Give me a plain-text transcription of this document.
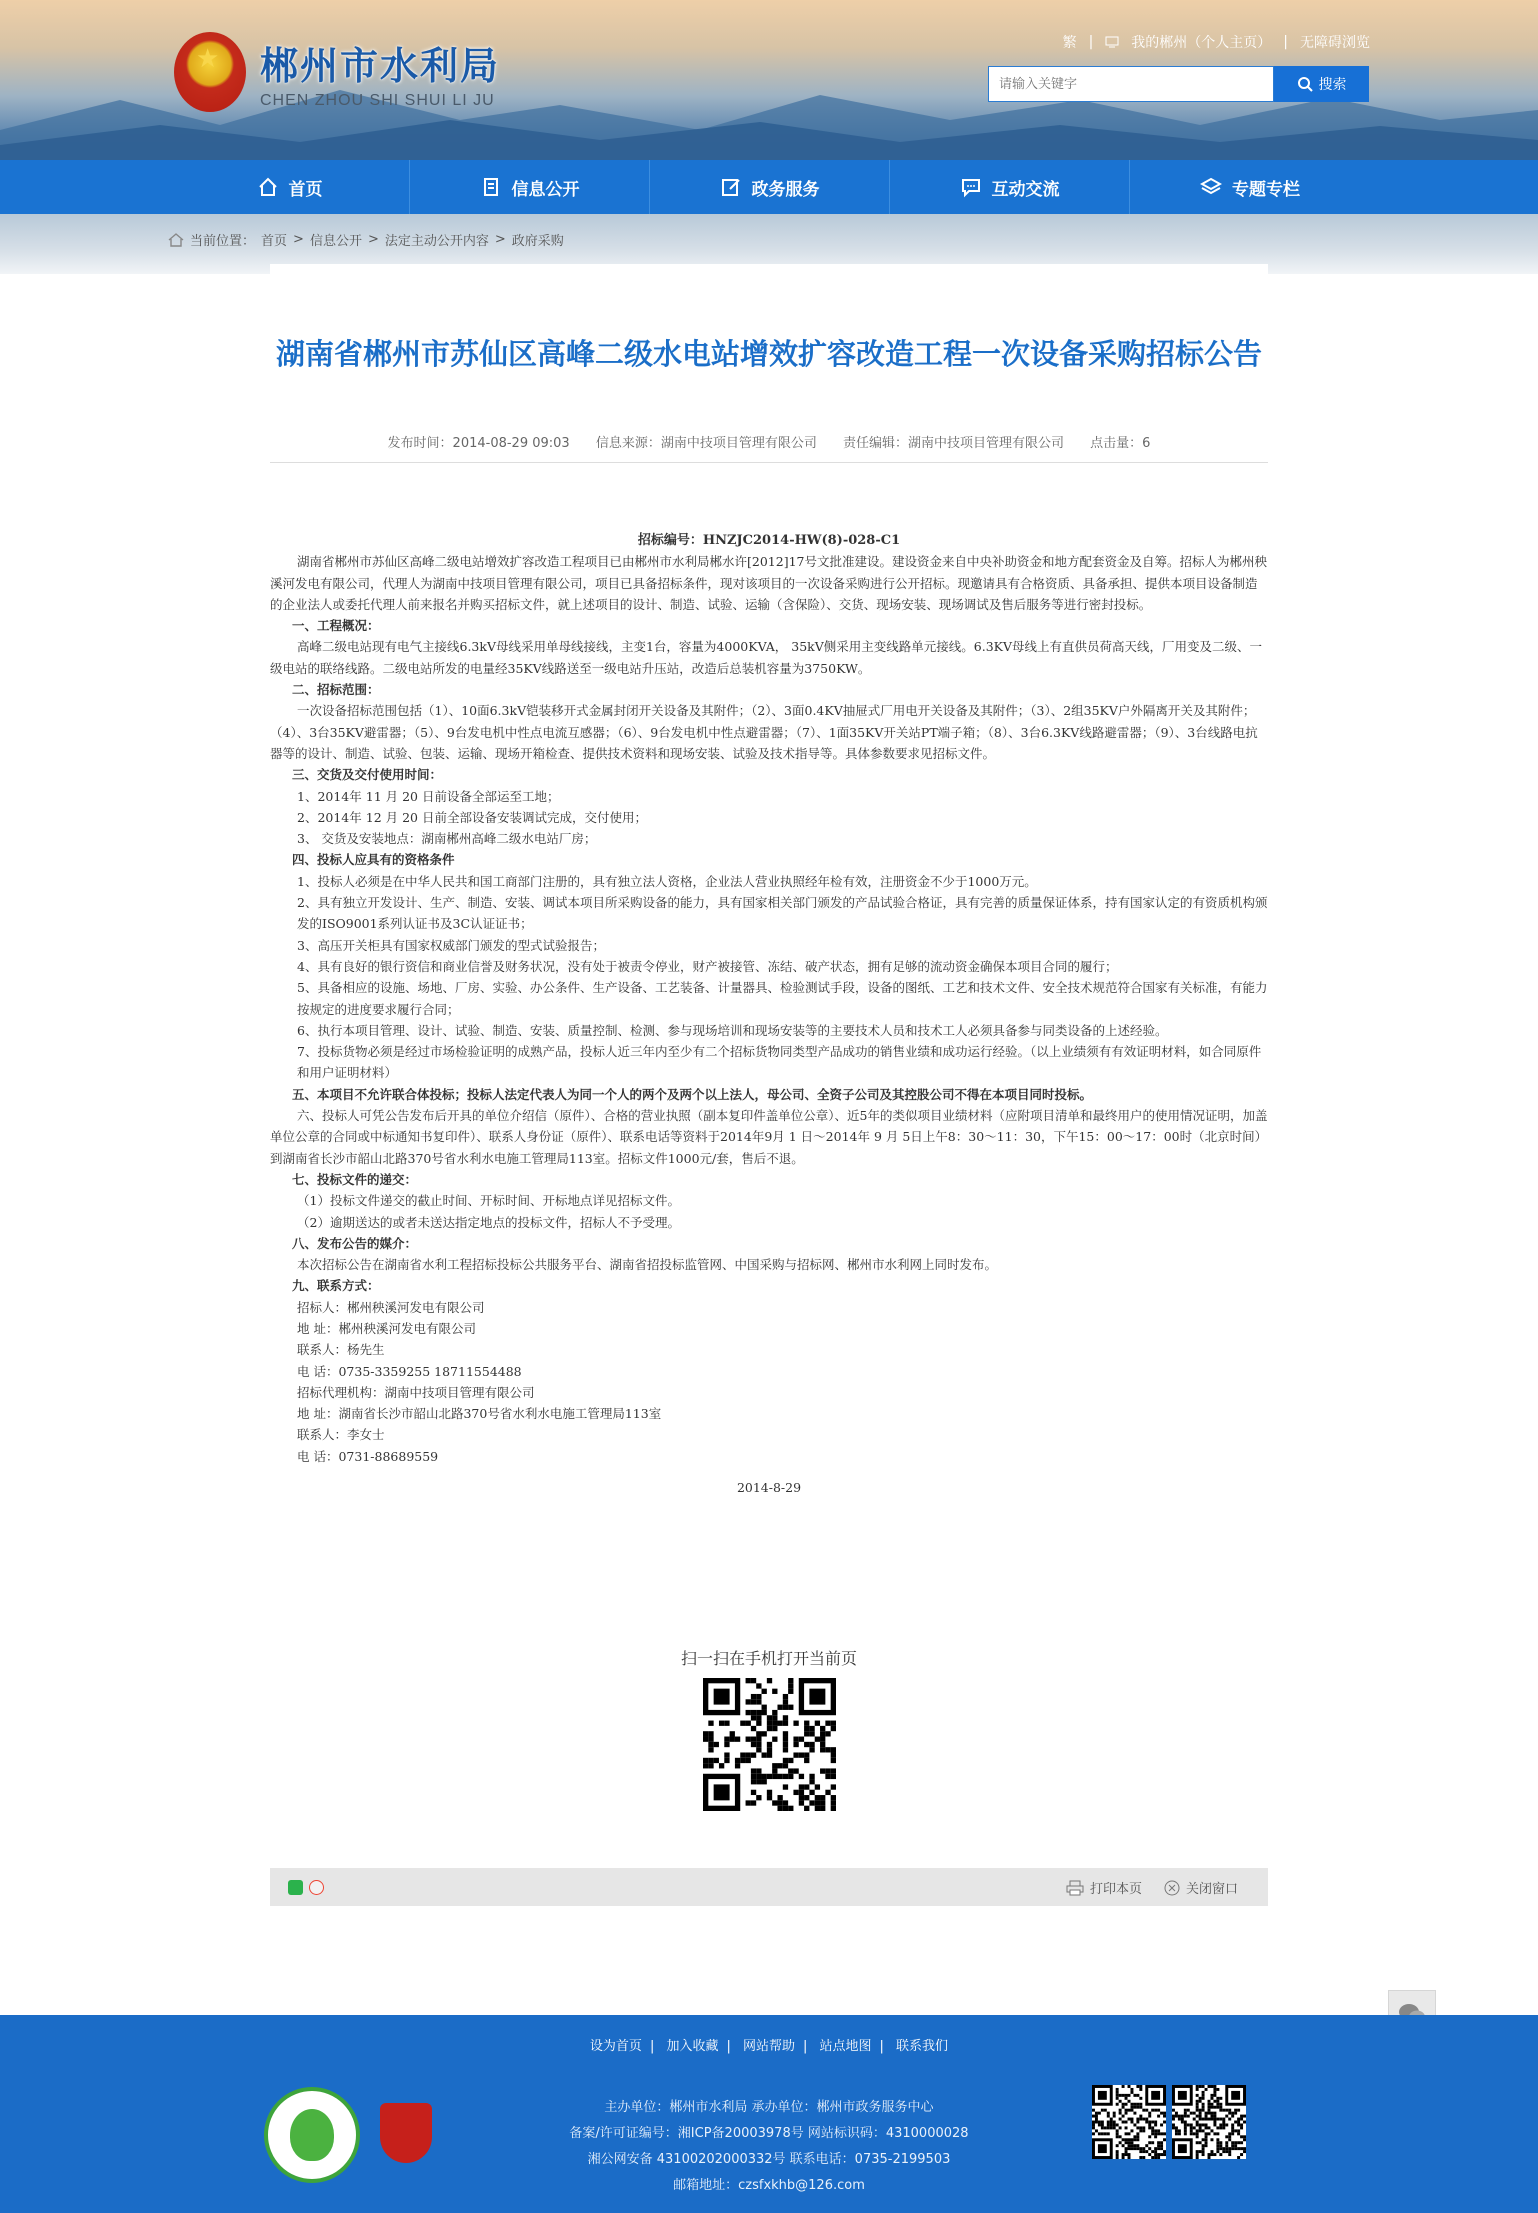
★
郴州市水利局
CHEN ZHOU SHI SHUI LI JU
繁 |	我的郴州（个人主页） | 无障碍浏览
请输入关键字
搜索
首页	信息公开	政务服务	互动交流	专题专栏
当前位置： 首页 > 信息公开 > 法定主动公开内容 > 政府采购
湖南省郴州市苏仙区高峰二级水电站增效扩容改造工程一次设备采购招标公告
发布时间：2014-08-29 09:03 信息来源：湖南中技项目管理有限公司 责任编辑：湖南中技项目管理有限公司 点击量：6

招标编号：HNZJC2014-HW(8)-028-C1

湖南省郴州市苏仙区高峰二级电站增效扩容改造工程项目已由郴州市水利局郴水许[2012]17号文批准建设。建设资金来自中央补助资金和地方配套资金及自筹。招标人为郴州秧溪河发电有限公司，代理人为湖南中技项目管理有限公司，项目已具备招标条件，现对该项目的一次设备采购进行公开招标。现邀请具有合格资质、具备承担、提供本项目设备制造的企业法人或委托代理人前来报名并购买招标文件，就上述项目的设计、制造、试验、运输（含保险）、交货、现场安装、现场调试及售后服务等进行密封投标。

一、工程概况：

高峰二级电站现有电气主接线6.3kV母线采用单母线接线，主变1台，容量为4000KVA， 35kV侧采用主变线路单元接线。6.3KV母线上有直供员荷高天线，厂用变及二级、一级电站的联络线路。二级电站所发的电量经35KV线路送至一级电站升压站，改造后总装机容量为3750KW。

二、招标范围：

一次设备招标范围包括（1）、10面6.3kV铠装移开式金属封闭开关设备及其附件；（2）、3面0.4KV抽屉式厂用电开关设备及其附件；（3）、2组35KV户外隔离开关及其附件；（4）、3台35KV避雷器；（5）、9台发电机中性点电流互感器；（6）、9台发电机中性点避雷器；（7）、1面35KV开关站PT端子箱；（8）、3台6.3KV线路避雷器；（9）、3台线路电抗器等的设计、制造、试验、包装、运输、现场开箱检查、提供技术资料和现场安装、试验及技术指导等。具体参数要求见招标文件。

三、交货及交付使用时间：

1、2014年 11 月 20 日前设备全部运至工地；

2、2014年 12 月 20 日前全部设备安装调试完成，交付使用；

3、 交货及安装地点：湖南郴州高峰二级水电站厂房；

四、投标人应具有的资格条件

1、投标人必须是在中华人民共和国工商部门注册的，具有独立法人资格，企业法人营业执照经年检有效，注册资金不少于1000万元。

2、具有独立开发设计、生产、制造、安装、调试本项目所采购设备的能力，具有国家相关部门颁发的产品试验合格证，具有完善的质量保证体系，持有国家认定的有资质机构颁发的ISO9001系列认证书及3C认证证书；

3、高压开关柜具有国家权威部门颁发的型式试验报告；

4、具有良好的银行资信和商业信誉及财务状况，没有处于被责令停业，财产被接管、冻结、破产状态，拥有足够的流动资金确保本项目合同的履行；

5、具备相应的设施、场地、厂房、实验、办公条件、生产设备、工艺装备、计量器具、检验测试手段，设备的图纸、工艺和技术文件、安全技术规范符合国家有关标准，有能力按规定的进度要求履行合同；

6、执行本项目管理、设计、试验、制造、安装、质量控制、检测、参与现场培训和现场安装等的主要技术人员和技术工人必须具备参与同类设备的上述经验。

7、投标货物必须是经过市场检验证明的成熟产品，投标人近三年内至少有二个招标货物同类型产品成功的销售业绩和成功运行经验。（以上业绩须有有效证明材料，如合同原件和用户证明材料）

五、本项目不允许联合体投标；投标人法定代表人为同一个人的两个及两个以上法人，母公司、全资子公司及其控股公司不得在本项目同时投标。

六、投标人可凭公告发布后开具的单位介绍信（原件）、合格的营业执照（副本复印件盖单位公章）、近5年的类似项目业绩材料（应附项目清单和最终用户的使用情况证明，加盖单位公章的合同或中标通知书复印件）、联系人身份证（原件）、联系电话等资料于2014年9月 1 日～2014年 9 月 5日上午8：30～11：30，下午15：00～17：00时（北京时间）到湖南省长沙市韶山北路370号省水利水电施工管理局113室。招标文件1000元/套，售后不退。

七、投标文件的递交：

（1）投标文件递交的截止时间、开标时间、开标地点详见招标文件。

（2）逾期送达的或者未送达指定地点的投标文件，招标人不予受理。

八、发布公告的媒介：

本次招标公告在湖南省水利工程招标投标公共服务平台、湖南省招投标监管网、中国采购与招标网、郴州市水利网上同时发布。

九、联系方式：

招标人：郴州秧溪河发电有限公司

地 址：郴州秧溪河发电有限公司

联系人：杨先生

电 话：0735-3359255 18711554488

招标代理机构：湖南中技项目管理有限公司

地 址：湖南省长沙市韶山北路370号省水利水电施工管理局113室

联系人：李女士

电 话：0731-88689559

2014-8-29

扫一扫在手机打开当前页
打印本页	关闭窗口
设为首页 | 加入收藏 | 网站帮助 | 站点地图 | 联系我们
主办单位：郴州市水利局 承办单位：郴州市政务服务中心
备案/许可证编号：湘ICP备20003978号 网站标识码：4310000028
湘公网安备 43100202000332号 联系电话：0735-2199503
邮箱地址：czsfxkhb@126.com
